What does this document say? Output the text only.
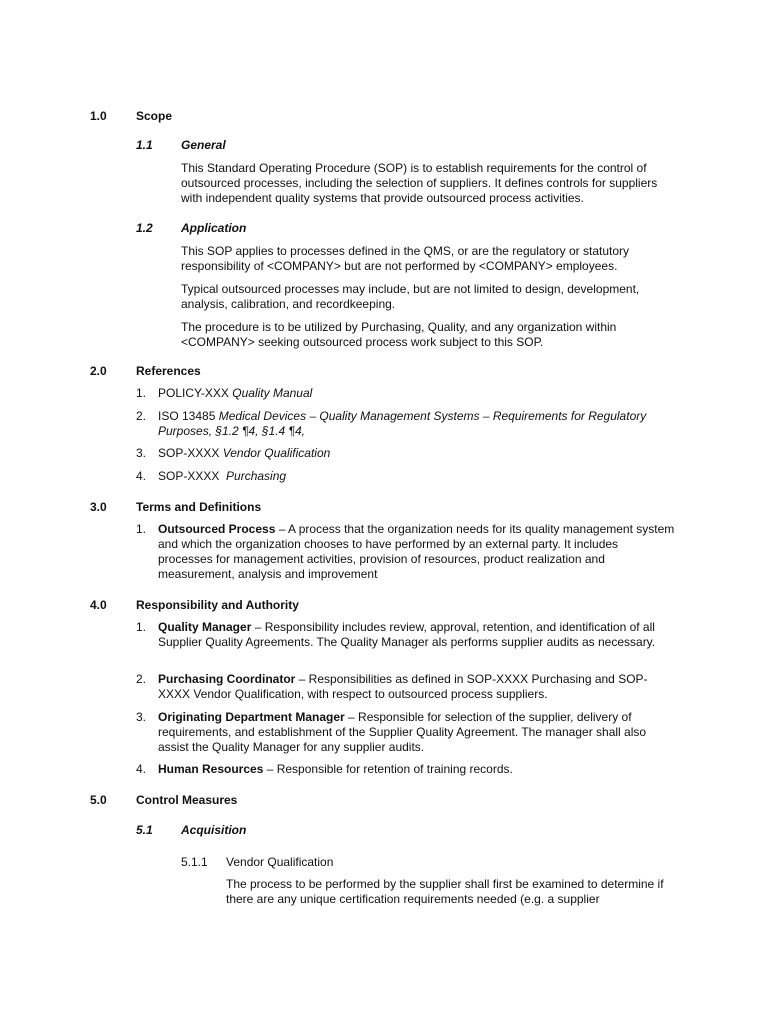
1.0 Scope
1.1 General

This Standard Operating Procedure (SOP) is to establish requirements for the control of outsourced processes, including the selection of suppliers. It defines controls for suppliers with independent quality systems that provide outsourced process activities.

1.2 Application

This SOP applies to processes defined in the QMS, or are the regulatory or statutory responsibility of <COMPANY> but are not performed by <COMPANY> employees.

Typical outsourced processes may include, but are not limited to design, development, analysis, calibration, and recordkeeping.

The procedure is to be utilized by Purchasing, Quality, and any organization within <COMPANY> seeking outsourced process work subject to this SOP.

2.0 References
1. POLICY-XXX Quality Manual
2. ISO 13485 Medical Devices – Quality Management Systems – Requirements for Regulatory Purposes, §1.2 ¶4, §1.4 ¶4,
3. SOP-XXXX Vendor Qualification
4. SOP-XXXX  Purchasing
3.0 Terms and Definitions
1. Outsourced Process – A process that the organization needs for its quality management system and which the organization chooses to have performed by an external party. It includes processes for management activities, provision of resources, product realization and measurement, analysis and improvement
4.0 Responsibility and Authority
1. Quality Manager – Responsibility includes review, approval, retention, and identification of all Supplier Quality Agreements. The Quality Manager als performs supplier audits as necessary.
2. Purchasing Coordinator – Responsibilities as defined in SOP-XXXX Purchasing and SOP-XXXX Vendor Qualification, with respect to outsourced process suppliers.
3. Originating Department Manager – Responsible for selection of the supplier, delivery of requirements, and establishment of the Supplier Quality Agreement. The manager shall also assist the Quality Manager for any supplier audits.
4. Human Resources – Responsible for retention of training records.
5.0 Control Measures
5.1 Acquisition
5.1.1 Vendor Qualification

The process to be performed by the supplier shall first be examined to determine if there are any unique certification requirements needed (e.g. a supplier
